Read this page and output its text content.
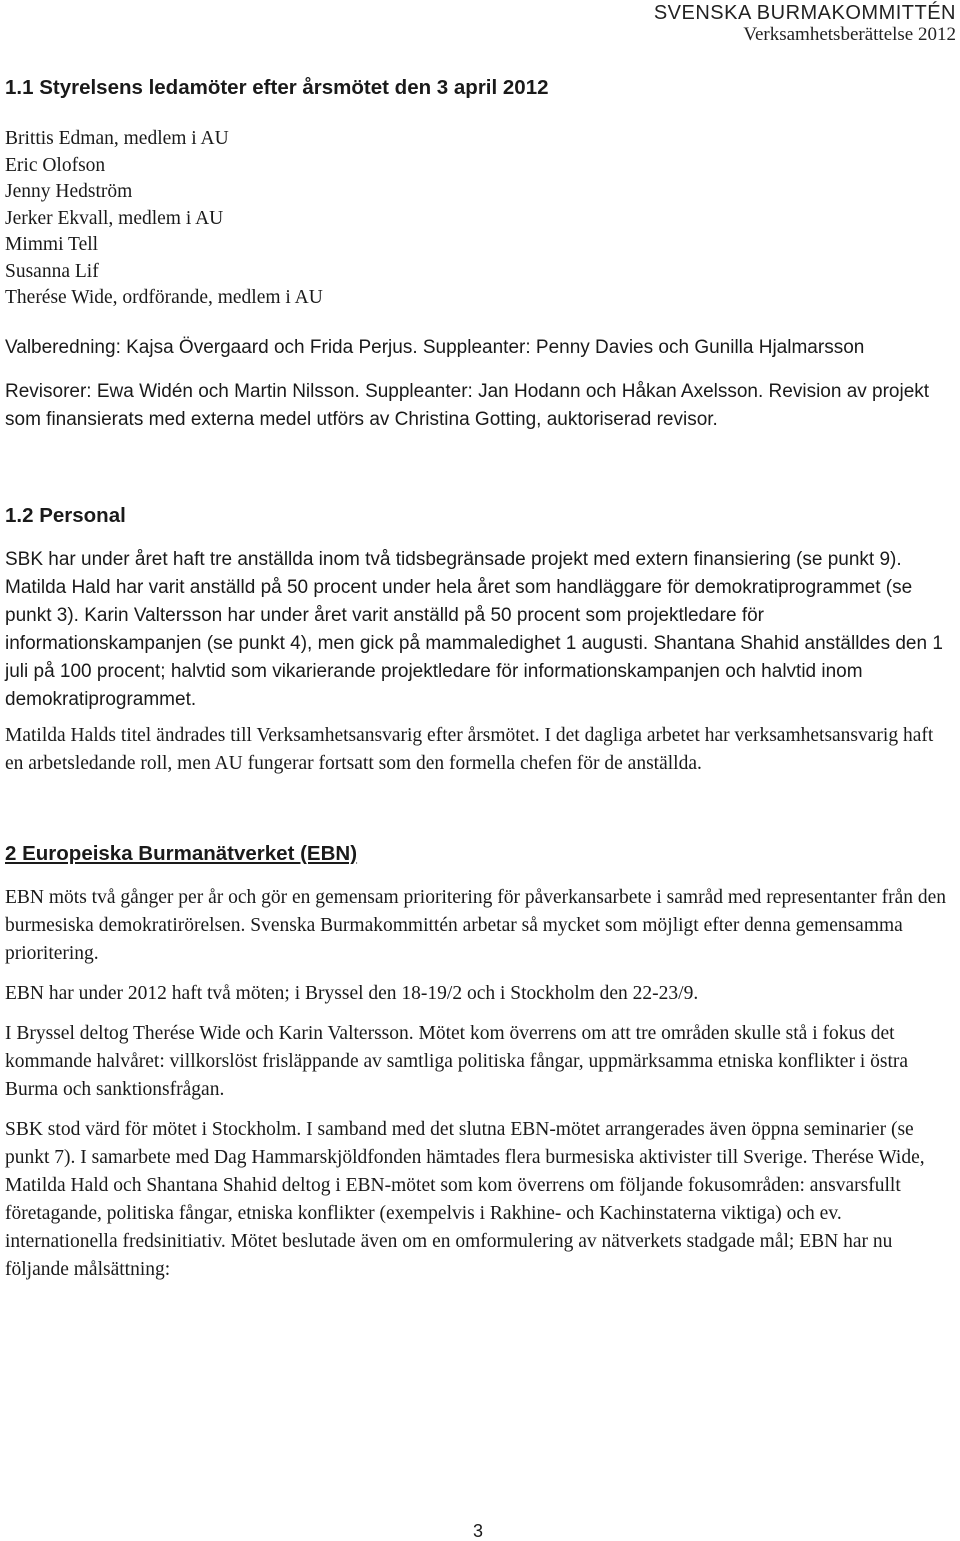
SVENSKA BURMAKOMMITTÉN
Verksamhetsberättelse 2012
1.1 Styrelsens ledamöter efter årsmötet den 3 april 2012
Brittis Edman, medlem i AU
Eric Olofson
Jenny Hedström
Jerker Ekvall, medlem i AU
Mimmi Tell
Susanna Lif
Therése Wide, ordförande, medlem i AU

Valberedning: Kajsa Övergaard och Frida Perjus. Suppleanter: Penny Davies och Gunilla Hjalmarsson

Revisorer: Ewa Widén och Martin Nilsson. Suppleanter: Jan Hodann och Håkan Axelsson. Revision av projekt som finansierats med externa medel utförs av Christina Gotting, auktoriserad revisor.

1.2 Personal

SBK har under året haft tre anställda inom två tidsbegränsade projekt med extern finansiering (se punkt 9). Matilda Hald har varit anställd på 50 procent under hela året som handläggare för demokratiprogrammet (se punkt 3). Karin Valtersson har under året varit anställd på 50 procent som projektledare för informationskampanjen (se punkt 4), men gick på mammaledighet 1 augusti. Shantana Shahid anställdes den 1 juli på 100 procent; halvtid som vikarierande projektledare för informationskampanjen och halvtid inom demokratiprogrammet.

Matilda Halds titel ändrades till Verksamhetsansvarig efter årsmötet. I det dagliga arbetet har verksamhetsansvarig haft en arbetsledande roll, men AU fungerar fortsatt som den formella chefen för de anställda.

2 Europeiska Burmanätverket (EBN)

EBN möts två gånger per år och gör en gemensam prioritering för påverkansarbete i samråd med representanter från den burmesiska demokratirörelsen. Svenska Burmakommittén arbetar så mycket som möjligt efter denna gemensamma prioritering.

EBN har under 2012 haft två möten; i Bryssel den 18-19/2 och i Stockholm den 22-23/9.

I Bryssel deltog Therése Wide och Karin Valtersson. Mötet kom överrens om att tre områden skulle stå i fokus det kommande halvåret: villkorslöst frisläppande av samtliga politiska fångar, uppmärksamma etniska konflikter i östra Burma och sanktionsfrågan.

SBK stod värd för mötet i Stockholm. I samband med det slutna EBN-mötet arrangerades även öppna seminarier (se punkt 7). I samarbete med Dag Hammarskjöldfonden hämtades flera burmesiska aktivister till Sverige. Therése Wide, Matilda Hald och Shantana Shahid deltog i EBN-mötet som kom överrens om följande fokusområden: ansvarsfullt företagande, politiska fångar, etniska konflikter (exempelvis i Rakhine- och Kachinstaterna viktiga) och ev. internationella fredsinitiativ. Mötet beslutade även om en omformulering av nätverkets stadgade mål; EBN har nu följande målsättning:

3
